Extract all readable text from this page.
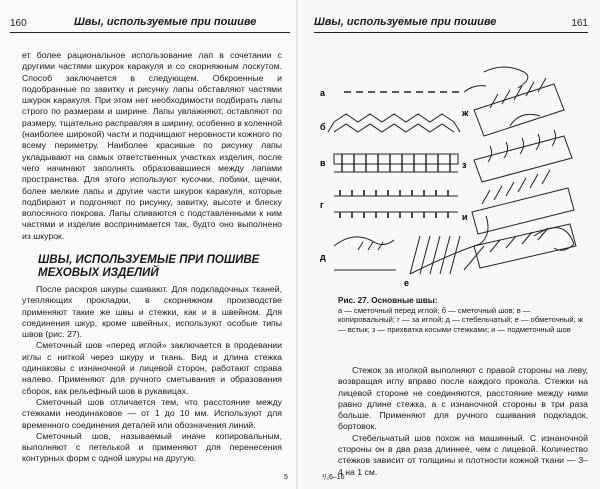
160	Швы, используемые при пошиве

ет более рациональное использование лап в сочетании с другими частями шкурок каракуля и со скорняжным лоскутом. Способ заключается в следующем. Обкроенные и подобранные по завитку и рисунку лапы обставляют частями шкурок каракуля. При этом нет необходимости подбирать лапы строго по размерам и ширине. Лапы увлажняют, оставляют по размеру, тщательно расправляя в ширину, особенно в коленной (наиболее широкой) части и подчищают неровности кожного по всему периметру. Наиболее красивые по рисунку лапы укладывают на самых ответственных участках изделия, после чего начинают заполнять образовавшиеся между лапами пространства. Для этого используют кусочки, лобики, щечки, более мелкие лапы и другие части шкурок каракуля, которые подбирают и подгоняют по рисунку, завитку, высоте и блеску волосяного покрова. Лапы сливаются с подставленными к ним частями и изделие воспринимается так, будто оно выполнено из шкурок.

ШВЫ, ИСПОЛЬЗУЕМЫЕ ПРИ ПОШИВЕ МЕХОВЫХ ИЗДЕЛИЙ

После раскроя шкуры сшивают. Для подкладочных тканей, утепляющих прокладки, в скорняжном производстве применяют такие же швы и стежки, как и в швейном. Для соединения шкур, кроме швейных, используют особые типы швов (рис. 27).

Сметочный шов «перед иглой» заключается в продевании иглы с ниткой через шкуру и ткань. Вид и длина стежка одинаковы с изнаночной и лицевой сторон, работают справа налево. Применяют для ручного сметывания и образования сборок, как рельефный шов в рукавицах.

Сметочный шов отличается тем, что расстояние между стежками неодинаковое — от 1 до 10 мм. Используют для временного соединения деталей или обозначения линий.

Сметочный шов, называемый иначе копировальным, выполняют с петелькой и применяют для перенесения контурных форм с одной шкуры на другую.

5
Швы, используемые при пошиве	161
а
б
в
г
д
е
ж
з
и
Рис. 27. Основные швы:
а — сметочный перед иглой; б — сметочный шов; в — копировальный; г — за иглой; д — стебельчатый; е — обметочный; ж — встык; з — прихватка косыми стежками; и — подметочный шов

Стежок за иголкой выполняют с правой стороны на леву, возвращая иглу вправо после каждого прокола. Стежки на лицевой стороне не соединяются, расстояние между ними равно длине стежка, а с изнаночной стороны в три раза больше. Применяют для ручного сшивания подкладок, бортовок.

Стебельчатый шов похож на машинный. С изнаночной стороны он в два раза длиннее, чем с лицевой. Количество стежков зависит от толщины и плотности кожной ткани — 3–4 на 1 см.

¹/₂6–16
